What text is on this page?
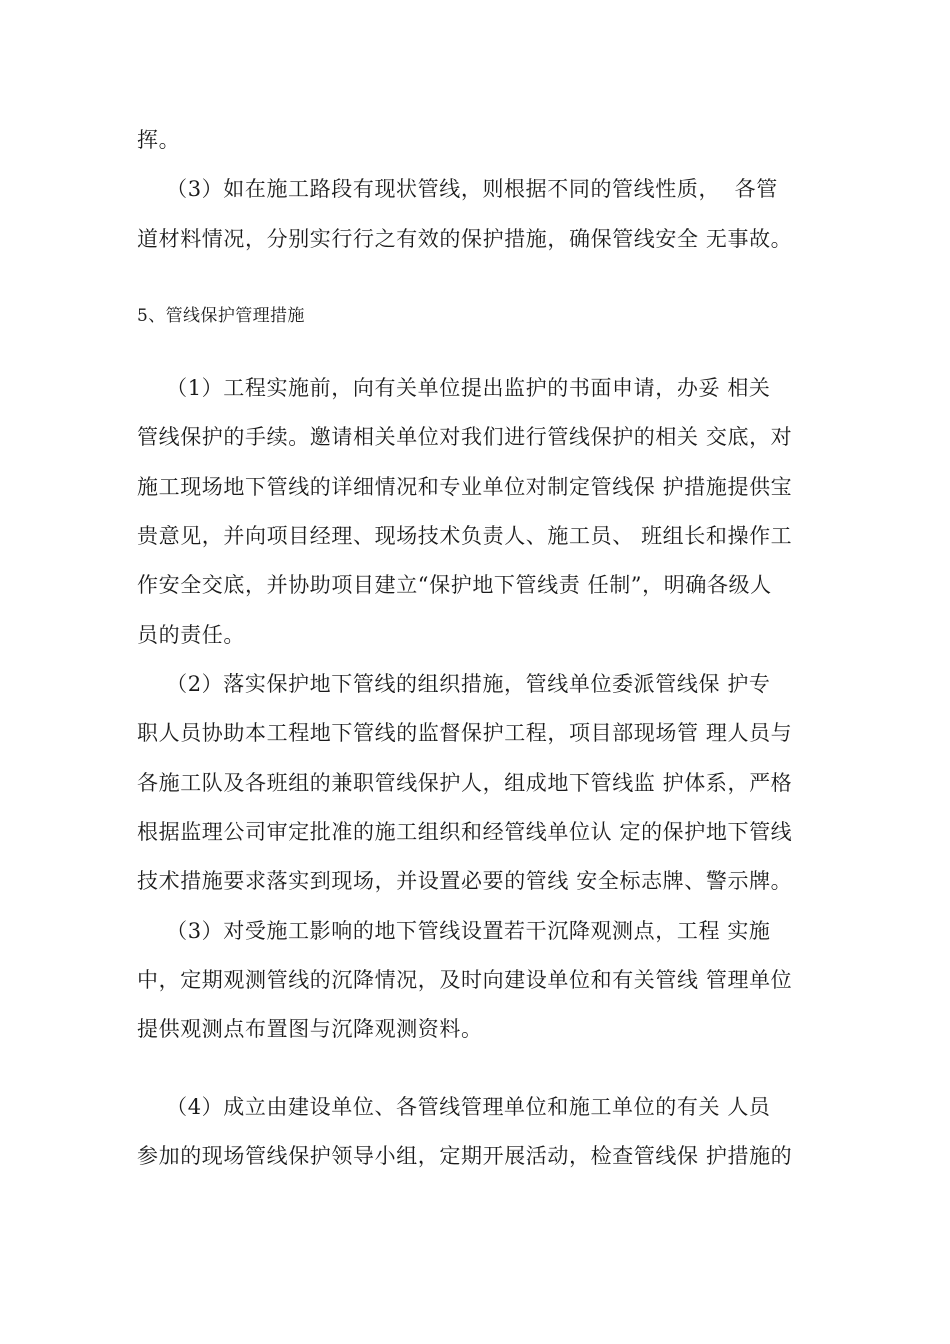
挥。
（3）如在施工路段有现状管线，则根据不同的管线性质，  各管
道材料情况，分别实行行之有效的保护措施，确保管线安全 无事故。
5、管线保护管理措施
（1）工程实施前，向有关单位提出监护的书面申请，办妥 相关
管线保护的手续。邀请相关单位对我们进行管线保护的相关 交底，对
施工现场地下管线的详细情况和专业单位对制定管线保 护措施提供宝
贵意见，并向项目经理、现场技术负责人、施工员、 班组长和操作工
作安全交底，并协助项目建立“保护地下管线责 任制”，明确各级人
员的责任。
（2）落实保护地下管线的组织措施，管线单位委派管线保 护专
职人员协助本工程地下管线的监督保护工程，项目部现场管 理人员与
各施工队及各班组的兼职管线保护人，组成地下管线监 护体系，严格
根据监理公司审定批准的施工组织和经管线单位认 定的保护地下管线
技术措施要求落实到现场，并设置必要的管线 安全标志牌、警示牌。
（3）对受施工影响的地下管线设置若干沉降观测点，工程 实施
中，定期观测管线的沉降情况，及时向建设单位和有关管线 管理单位
提供观测点布置图与沉降观测资料。
（4）成立由建设单位、各管线管理单位和施工单位的有关 人员
参加的现场管线保护领导小组，定期开展活动，检查管线保 护措施的
